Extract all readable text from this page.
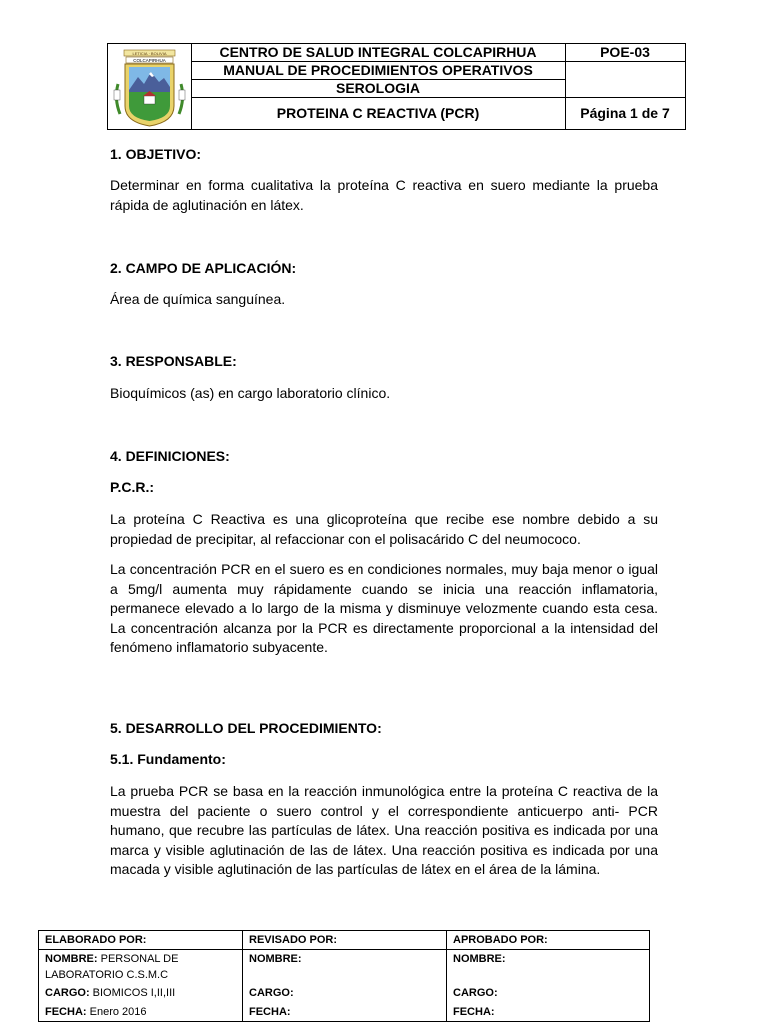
LETICIA · BOLIVIA
COLCAPIRHUA
CENTRO DE SALUD INTEGRAL COLCAPIRHUA
MANUAL DE PROCEDIMIENTOS OPERATIVOS
SEROLOGIA
PROTEINA C REACTIVA (PCR)
POE-03
Página 1 de 7
1. OBJETIVO:

Determinar en forma cualitativa la proteína C reactiva en suero mediante la prueba rápida de aglutinación en látex.

2. CAMPO DE APLICACIÓN:

Área de química sanguínea.

3. RESPONSABLE:

Bioquímicos (as) en cargo laboratorio clínico.

4. DEFINICIONES:
P.C.R.:

La proteína C Reactiva es una glicoproteína que recibe ese nombre debido a su propiedad de precipitar, al refaccionar con el polisacárido C del neumococo.

La concentración PCR en el suero es en condiciones normales, muy baja menor o igual a 5mg/l aumenta muy rápidamente cuando se inicia una reacción inflamatoria, permanece elevado a lo largo de la misma y disminuye velozmente cuando esta cesa. La concentración alcanza por la PCR es directamente proporcional a la intensidad del fenómeno inflamatorio subyacente.

5. DESARROLLO DEL PROCEDIMIENTO:
5.1. Fundamento:

La prueba PCR se basa en la reacción inmunológica entre la proteína C reactiva de la muestra del paciente o suero control y el correspondiente anticuerpo anti- PCR humano, que recubre las partículas de látex. Una reacción positiva es indicada por una marca y visible aglutinación de las de látex. Una reacción positiva es indicada por una macada y visible aglutinación de las partículas de látex en el área de la lámina.

ELABORADO POR:
NOMBRE: PERSONAL DE
LABORATORIO C.S.M.C
CARGO: BIOMICOS I,II,III
FECHA: Enero 2016
REVISADO POR:
NOMBRE:
CARGO:
FECHA:
APROBADO POR:
NOMBRE:
CARGO:
FECHA:
